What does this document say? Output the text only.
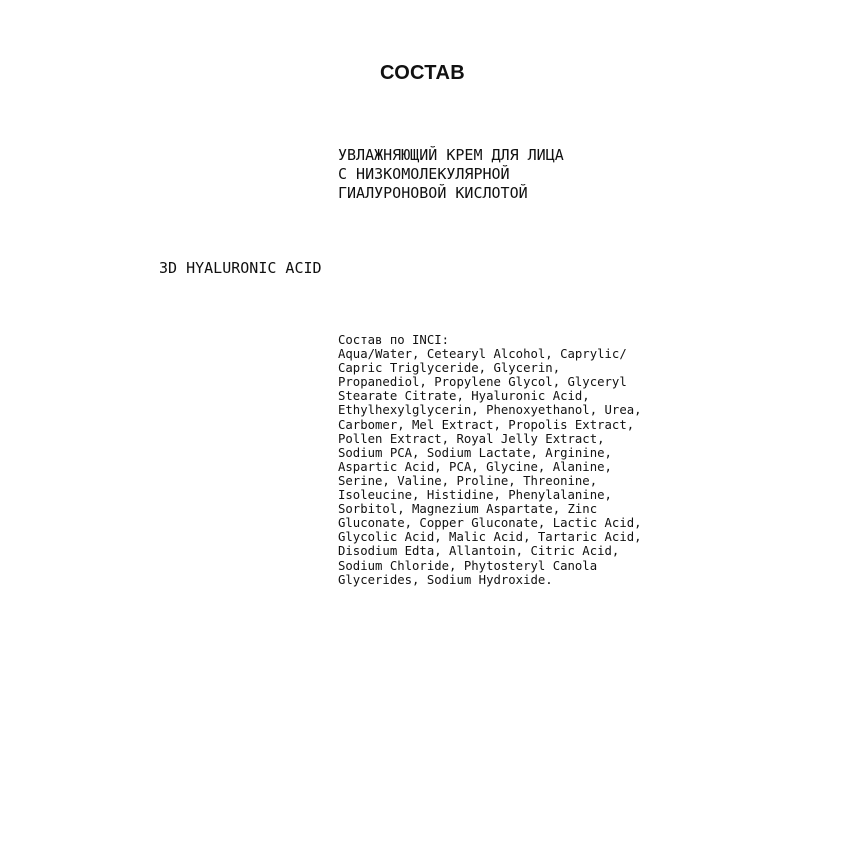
СОСТАВ
УВЛАЖНЯЮЩИЙ КРЕМ ДЛЯ ЛИЦА
С НИЗКОМОЛЕКУЛЯРНОЙ
ГИАЛУРОНОВОЙ КИСЛОТОЙ
3D HYALURONIC ACID
Состав по INCI:
Aqua/Water, Cetearyl Alcohol, Caprylic/
Capric Triglyceride, Glycerin,
Propanediol, Propylene Glycol, Glyceryl
Stearate Citrate, Hyaluronic Acid,
Ethylhexylglycerin, Phenoxyethanol, Urea,
Carbomer, Mel Extract, Propolis Extract,
Pollen Extract, Royal Jelly Extract,
Sodium PCA, Sodium Lactate, Arginine,
Aspartic Acid, PCA, Glycine, Alanine,
Serine, Valine, Proline, Threonine,
Isoleucine, Histidine, Phenylalanine,
Sorbitol, Magnezium Aspartate, Zinc
Gluconate, Copper Gluconate, Lactic Acid,
Glycolic Acid, Malic Acid, Tartaric Acid,
Disodium Edta, Allantoin, Citric Acid,
Sodium Chloride, Phytosteryl Canola
Glycerides, Sodium Hydroxide.
